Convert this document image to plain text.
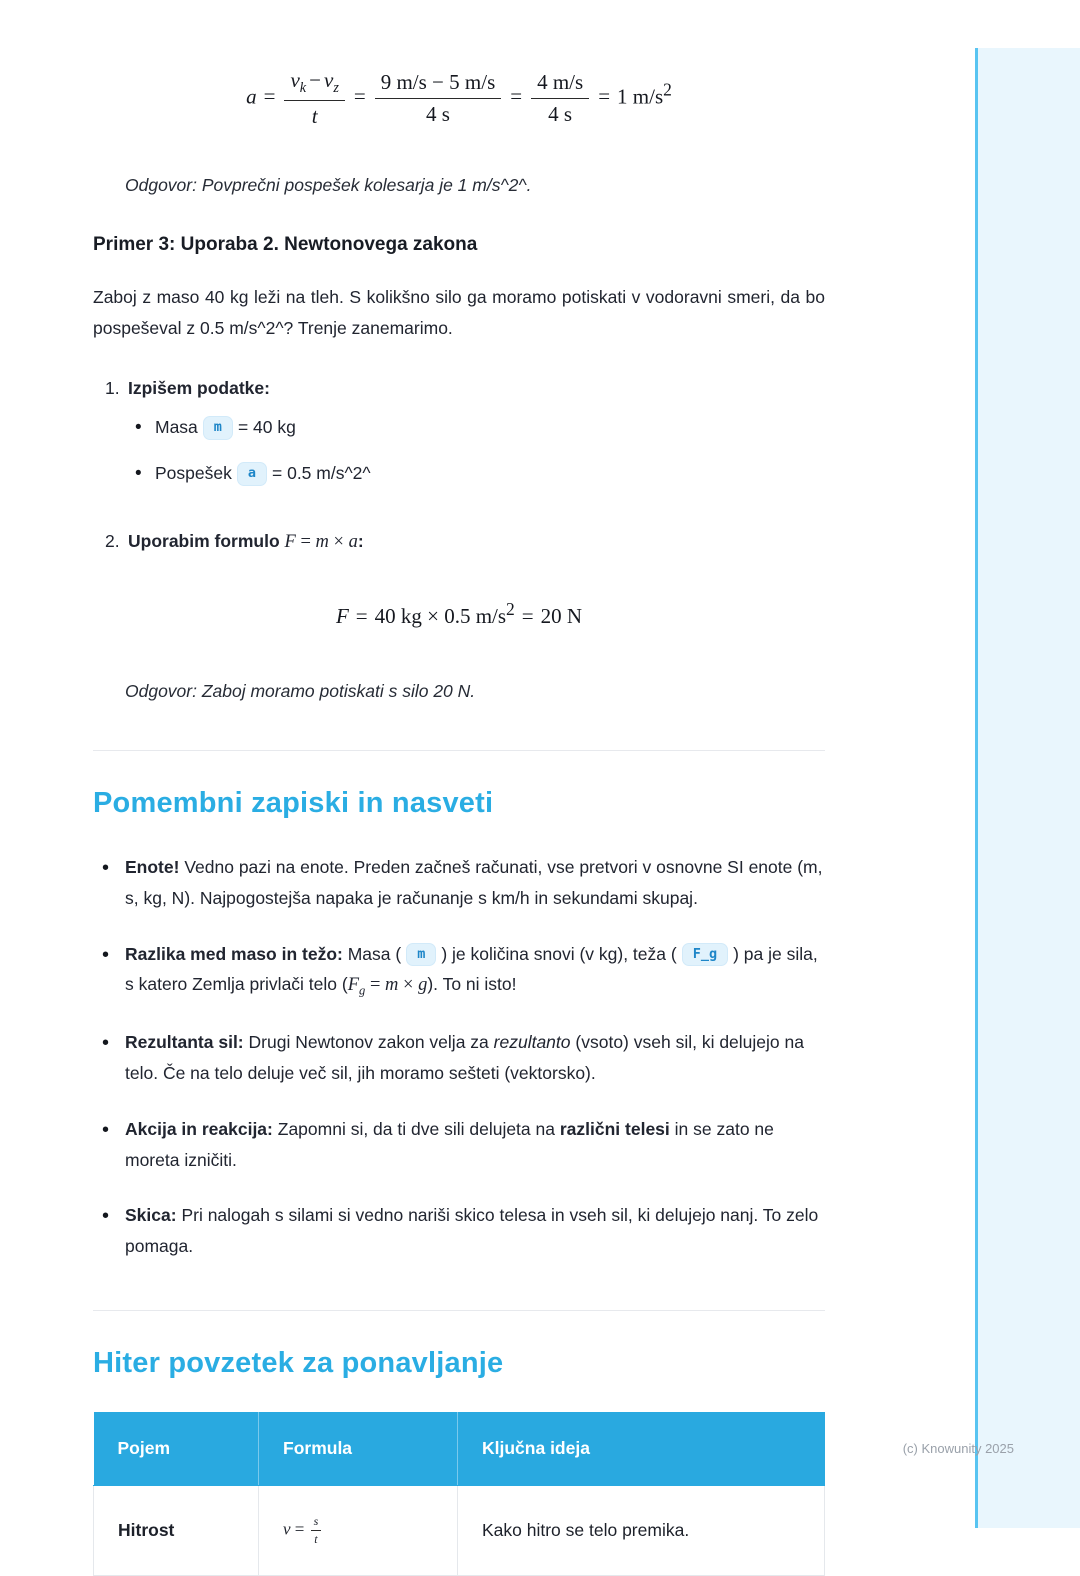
(c) Knowunity 2025
$a = \frac{v_k - v_z}{t} = \frac{9 m/s - 5 m/s}{4 s} = \frac{4 m/s}{4 s} = 1$ $m/s^2$

Odgovor: Povprečni pospešek kolesarja je 1 m/s^2^.

Primer 3: Uporaba 2. Newtonovega zakona

Zaboj z maso 40 kg leži na tleh. S kolikšno silo ga moramo potiskati v vodoravni smeri, da bo pospeševal z 0.5 m/s^2^? Trenje zanemarimo.

1. Izpišem podatke:
• Masa m = 40 kg
• Pospešek a = 0.5 m/s^2^
2. Uporabim formulo F = m × a:
F = 40 kg × 0.5 $m/s^2 = 20$ N

Odgovor: Zaboj moramo potiskati s silo 20 N.

Pomembni zapiski in nasveti
• Enote! Vedno pazi na enote. Preden začneš računati, vse pretvori v osnovne SI enote (m, s, kg, N). Najpogostejša napaka je računanje s km/h in sekundami skupaj.
• Razlika med maso in težo: Masa ( m ) je količina snovi (v kg), teža ( F_g ) pa je sila, s katero Zemlja privlači telo $(F_g = m \times g)$. To ni isto!
• Rezultanta sil: Drugi Newtonov zakon velja za rezultanto (vsoto) vseh sil, ki delujejo na telo. Če na telo deluje več sil, jih moramo sešteti (vektorsko).
• Akcija in reakcija: Zapomni si, da ti dve sili delujeta na različni telesi in se zato ne moreta izničiti.
• Skica: Pri nalogah s silami si vedno nariši skico telesa in vseh sil, ki delujejo nanj. To zelo pomaga.
Hiter povzetek za ponavljanje
Pojem	Formula	Ključna ideja
Hitrost	$v = \frac{s}{t}$	Kako hitro se telo premika.
